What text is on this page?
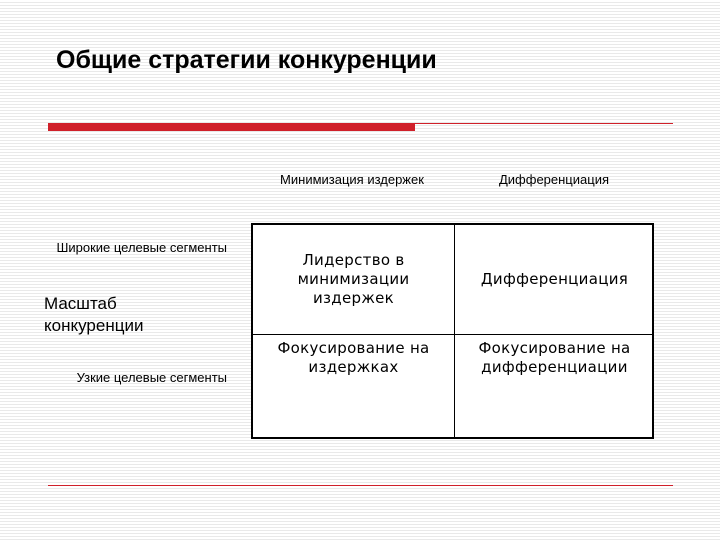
Общие стратегии конкуренции
Минимизация издержек	Дифференциация
Широкие целевые сегменты
Масштаб
конкуренции
Узкие целевые сегменты
Лидерство в
минимизации
издержек
Дифференциация
Фокусирование на
издержках
Фокусирование на
дифференциации
